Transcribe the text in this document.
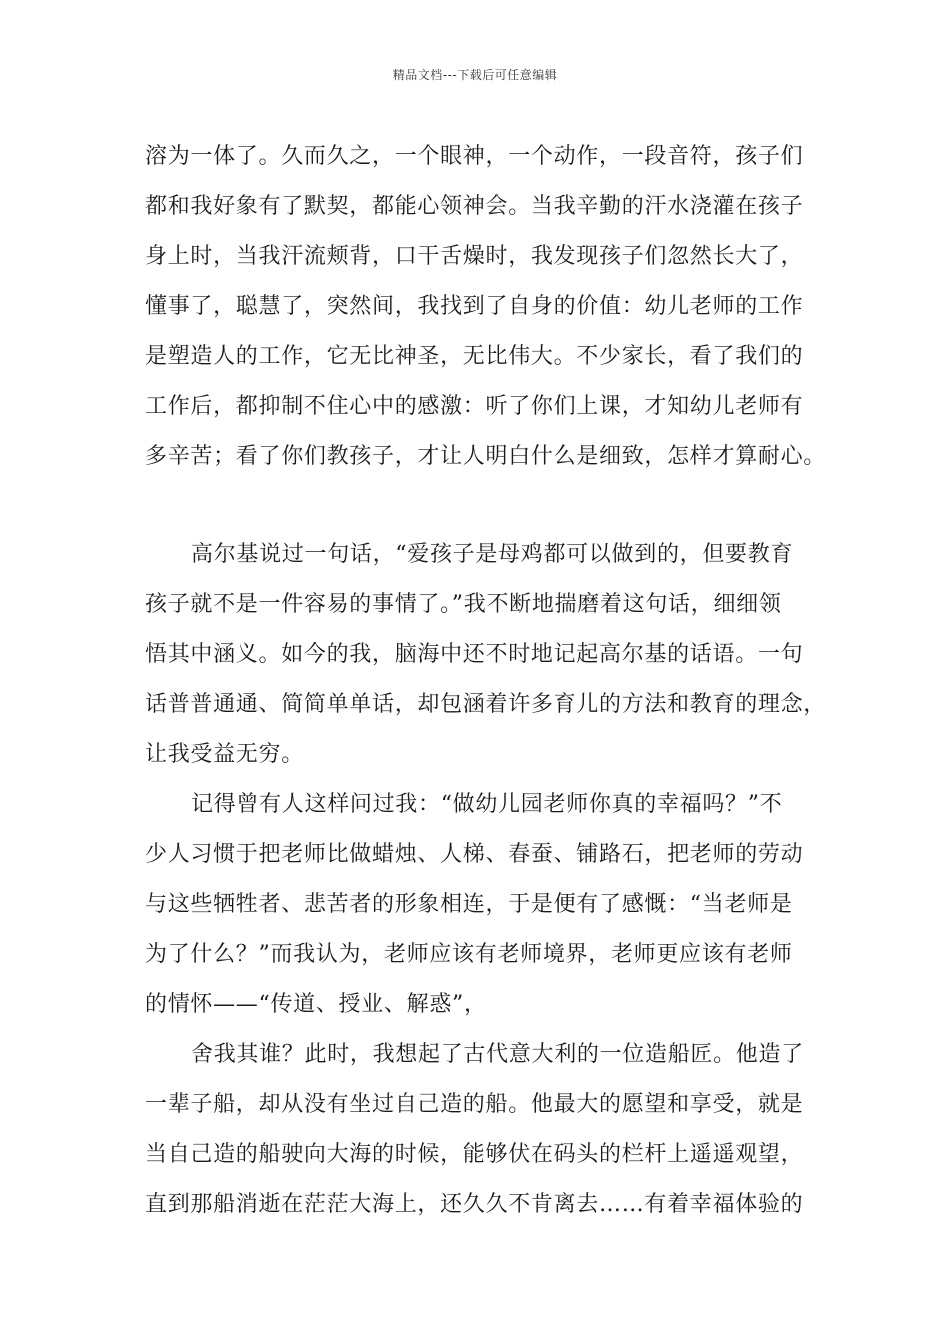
精品文档---下载后可任意编辑
溶为一体了。久而久之，一个眼神，一个动作，一段音符，孩子们
都和我好象有了默契，都能心领神会。当我辛勤的汗水浇灌在孩子
身上时，当我汗流颊背，口干舌燥时，我发现孩子们忽然长大了，
懂事了，聪慧了，突然间，我找到了自身的价值：幼儿老师的工作
是塑造人的工作，它无比神圣，无比伟大。不少家长，看了我们的
工作后，都抑制不住心中的感激：听了你们上课，才知幼儿老师有
多辛苦；看了你们教孩子，才让人明白什么是细致，怎样才算耐心。
高尔基说过一句话，“爱孩子是母鸡都可以做到的，但要教育
孩子就不是一件容易的事情了。”我不断地揣磨着这句话，细细领
悟其中涵义。如今的我，脑海中还不时地记起高尔基的话语。一句
话普普通通、简简单单话，却包涵着许多育儿的方法和教育的理念，
让我受益无穷。
记得曾有人这样问过我：“做幼儿园老师你真的幸福吗？”不
少人习惯于把老师比做蜡烛、人梯、春蚕、铺路石，把老师的劳动
与这些牺牲者、悲苦者的形象相连，于是便有了感慨：“当老师是
为了什么？”而我认为，老师应该有老师境界，老师更应该有老师
的情怀——“传道、授业、解惑”，
舍我其谁？此时，我想起了古代意大利的一位造船匠。他造了
一辈子船，却从没有坐过自己造的船。他最大的愿望和享受，就是
当自己造的船驶向大海的时候，能够伏在码头的栏杆上遥遥观望，
直到那船消逝在茫茫大海上，还久久不肯离去……有着幸福体验的
